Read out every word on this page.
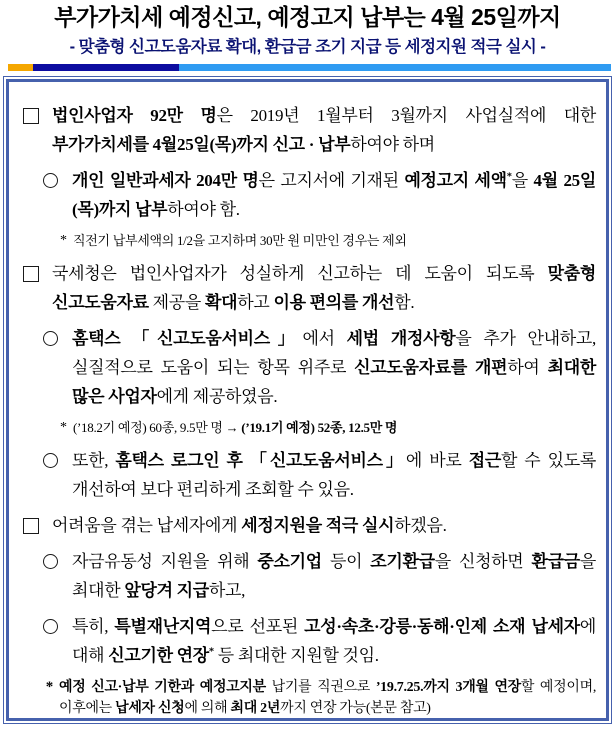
부가가치세 예정신고, 예정고지 납부는 4월 25일까지
- 맞춤형 신고도움자료 확대, 환급금 조기 지급 등 세정지원 적극 실시 -
법인사업자 92만 명은 2019년 1월부터 3월까지 사업실적에 대한 부가가치세를 4월25일(목)까지 신고 · 납부하여야 하며
개인 일반과세자 204만 명은 고지서에 기재된 예정고지 세액*을 4월 25일(목)까지 납부하여야 함.
* 직전기 납부세액의 1/2을 고지하며 30만 원 미만인 경우는 제외
국세청은 법인사업자가 성실하게 신고하는 데 도움이 되도록 맞춤형 신고도움자료 제공을 확대하고 이용 편의를 개선함.
홈택스 「신고도움서비스」에서 세법 개정사항을 추가 안내하고, 실질적으로 도움이 되는 항목 위주로 신고도움자료를 개편하여 최대한 많은 사업자에게 제공하였음.
* (’18.2기 예정) 60종, 9.5만 명 → (’19.1기 예정) 52종, 12.5만 명
또한, 홈택스 로그인 후 「신고도움서비스」에 바로 접근할 수 있도록 개선하여 보다 편리하게 조회할 수 있음.
어려움을 겪는 납세자에게 세정지원을 적극 실시하겠음.
자금유동성 지원을 위해 중소기업 등이 조기환급을 신청하면 환급금을 최대한 앞당겨 지급하고,
특히, 특별재난지역으로 선포된 고성·속초·강릉·동해·인제 소재 납세자에 대해 신고기한 연장* 등 최대한 지원할 것임.
* 예정 신고·납부 기한과 예정고지분 납기를 직권으로 ’19.7.25.까지 3개월 연장할 예정이며, 이후에는 납세자 신청에 의해 최대 2년까지 연장 가능(본문 참고)
